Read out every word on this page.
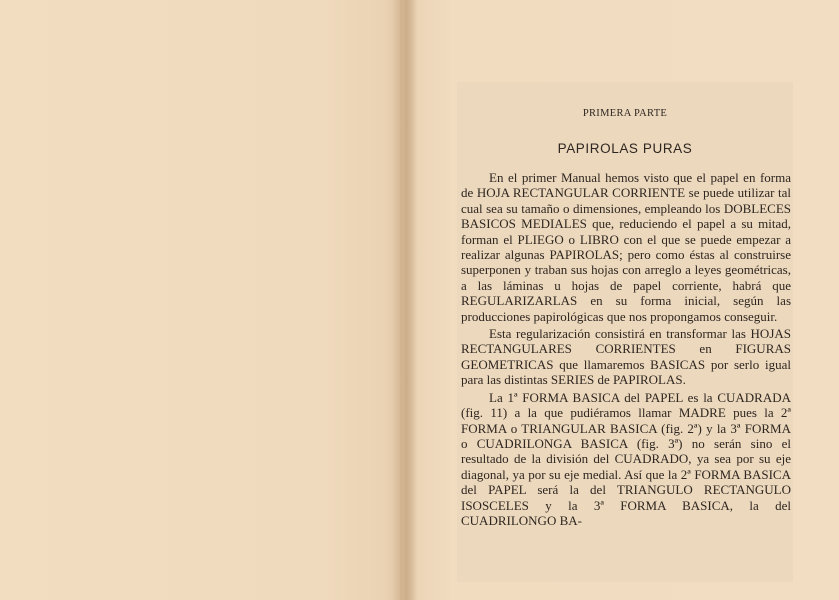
PRIMERA PARTE
PAPIROLAS PURAS

En el primer Manual hemos visto que el papel en forma de HOJA RECTANGULAR CORRIENTE se puede utilizar tal cual sea su tamaño o dimensiones, empleando los DOBLECES BASICOS MEDIALES que, reduciendo el papel a su mitad, forman el PLIEGO o LIBRO con el que se puede empezar a realizar algunas PAPIROLAS; pero como éstas al construirse superponen y traban sus hojas con arreglo a leyes geométricas, a las láminas u hojas de papel corriente, habrá que REGULARIZARLAS en su forma inicial, según las producciones papirológicas que nos propongamos conseguir.

Esta regularización consistirá en transformar las HOJAS RECTANGULARES CORRIENTES en FIGURAS GEOMETRICAS que llamaremos BASICAS por serlo igual para las distintas SERIES de PAPIROLAS.

La 1ª FORMA BASICA del PAPEL es la CUADRADA (fig. 11) a la que pudiéramos llamar MADRE pues la 2ª FORMA o TRIANGULAR BASICA (fig. 2ª) y la 3ª FORMA o CUADRILONGA BASICA (fig. 3ª) no serán sino el resultado de la división del CUADRADO, ya sea por su eje diagonal, ya por su eje medial. Así que la 2ª FORMA BASICA del PAPEL será la del TRIANGULO RECTANGULO ISOSCELES y la 3ª FORMA BASICA, la del CUADRILONGO BA-
